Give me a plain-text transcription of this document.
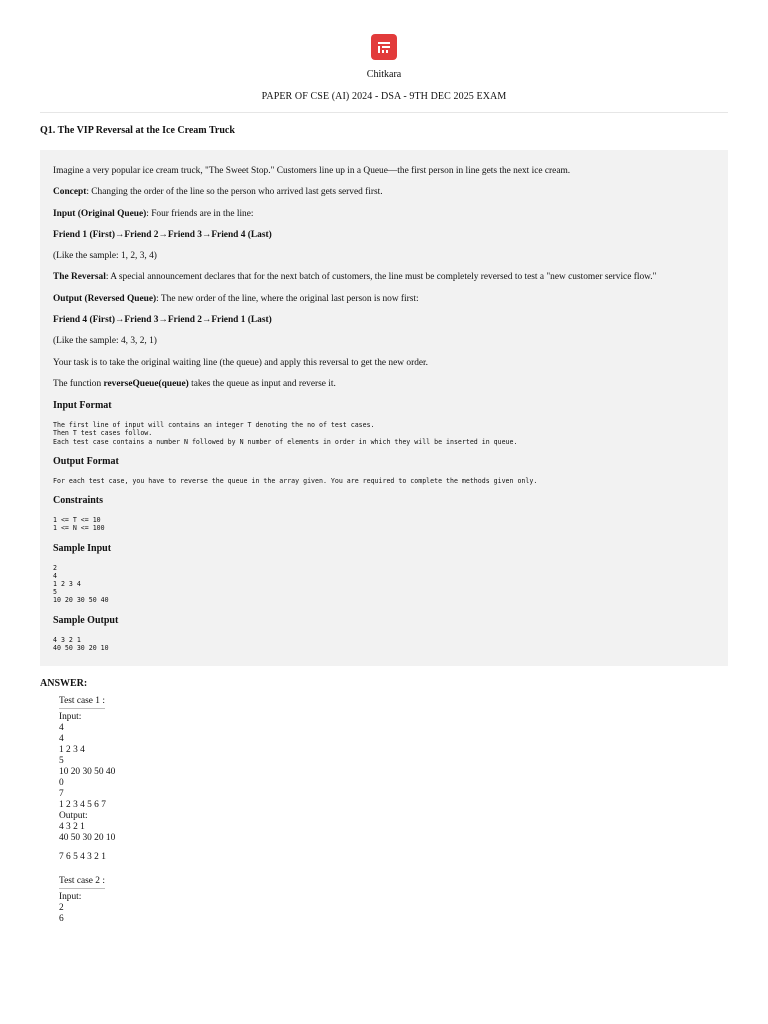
Chitkara
PAPER OF CSE (AI) 2024 - DSA - 9TH DEC 2025 EXAM
Q1. The VIP Reversal at the Ice Cream Truck

Imagine a very popular ice cream truck, "The Sweet Stop." Customers line up in a Queue—the first person in line gets the next ice cream.

Concept: Changing the order of the line so the person who arrived last gets served first.

Input (Original Queue): Four friends are in the line:

Friend 1 (First)→Friend 2→Friend 3→Friend 4 (Last)

(Like the sample: 1, 2, 3, 4)

The Reversal: A special announcement declares that for the next batch of customers, the line must be completely reversed to test a "new customer service flow."

Output (Reversed Queue): The new order of the line, where the original last person is now first:

Friend 4 (First)→Friend 3→Friend 2→Friend 1 (Last)

(Like the sample: 4, 3, 2, 1)

Your task is to take the original waiting line (the queue) and apply this reversal to get the new order.

The function reverseQueue(queue) takes the queue as input and reverse it.

Input Format
The first line of input will contains an integer T denoting the no of test cases.
Then T test cases follow.
Each test case contains a number N followed by N number of elements in order in which they will be inserted in queue.
Output Format
For each test case, you have to reverse the queue in the array given. You are required to complete the methods given only.
Constraints
1 <= T <= 10
1 <= N <= 100
Sample Input
2
4
1 2 3 4
5
10 20 30 50 40
Sample Output
4 3 2 1
40 50 30 20 10
ANSWER:
Test case 1 :
Input:
4
4
1 2 3 4
5
10 20 30 50 40
0
7
1 2 3 4 5 6 7
Output:
4 3 2 1
40 50 30 20 10
7 6 5 4 3 2 1
Test case 2 :
Input:
2
6
